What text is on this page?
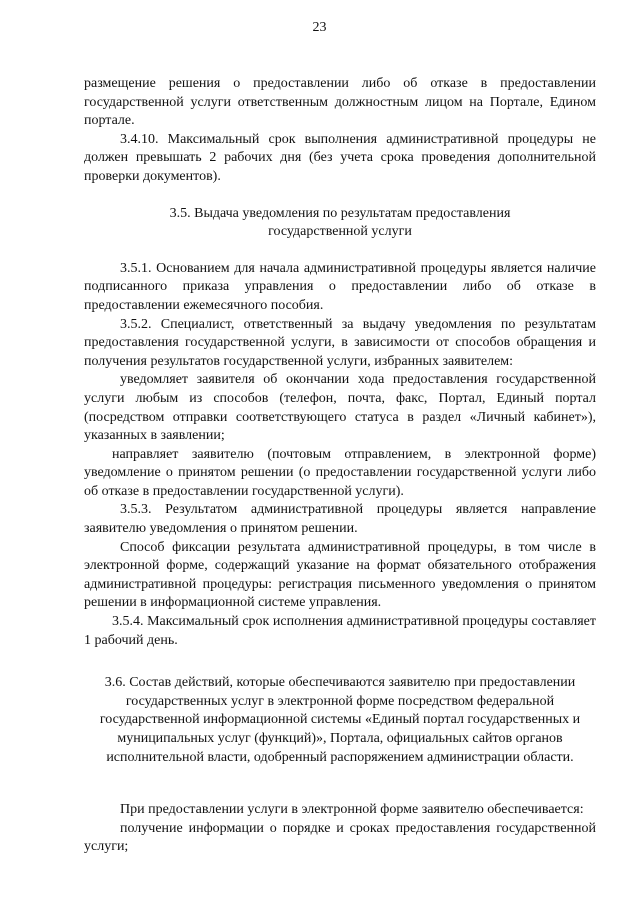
23

размещение решения о предоставлении либо об отказе в предоставлении государственной услуги ответственным должностным лицом на Портале, Едином портале.

3.4.10. Максимальный срок выполнения административной процедуры не должен превышать 2 рабочих дня (без учета срока проведения дополнительной проверки документов).

3.5. Выдача уведомления по результатам предоставления государственной услуги

3.5.1. Основанием для начала административной процедуры является наличие подписанного приказа управления о предоставлении либо об отказе в предоставлении ежемесячного пособия.

3.5.2. Специалист, ответственный за выдачу уведомления по результатам предоставления государственной услуги, в зависимости от способов обращения и получения результатов государственной услуги, избранных заявителем:

уведомляет заявителя об окончании хода предоставления государственной услуги любым из способов (телефон, почта, факс, Портал, Единый портал (посредством отправки соответствующего статуса в раздел «Личный кабинет»), указанных в заявлении;

направляет заявителю (почтовым отправлением, в электронной форме) уведомление о принятом решении (о предоставлении государственной услуги либо об отказе в предоставлении государственной услуги).

3.5.3. Результатом административной процедуры является направление заявителю уведомления о принятом решении.

Способ фиксации результата административной процедуры, в том числе в электронной форме, содержащий указание на формат обязательного отображения административной процедуры: регистрация письменного уведомления о принятом решении в информационной системе управления.

3.5.4. Максимальный срок исполнения административной процедуры составляет 1 рабочий день.

3.6. Состав действий, которые обеспечиваются заявителю при предоставлении государственных услуг в электронной форме посредством федеральной государственной информационной системы «Единый портал государственных и муниципальных услуг (функций)», Портала, официальных сайтов органов исполнительной власти, одобренный распоряжением администрации области.

При предоставлении услуги в электронной форме заявителю обеспечивается:

получение информации о порядке и сроках предоставления государственной услуги;
